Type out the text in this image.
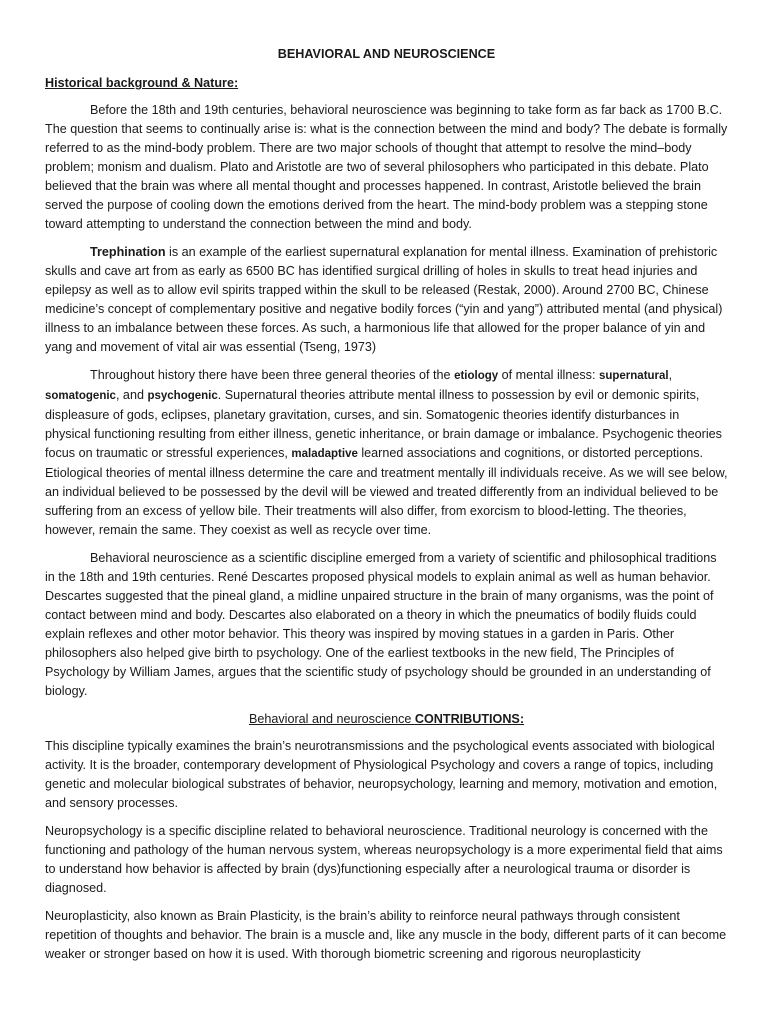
BEHAVIORAL AND NEUROSCIENCE
Historical background & Nature:

Before the 18th and 19th centuries, behavioral neuroscience was beginning to take form as far back as 1700 B.C. The question that seems to continually arise is: what is the connection between the mind and body? The debate is formally referred to as the mind-body problem. There are two major schools of thought that attempt to resolve the mind–body problem; monism and dualism. Plato and Aristotle are two of several philosophers who participated in this debate. Plato believed that the brain was where all mental thought and processes happened. In contrast, Aristotle believed the brain served the purpose of cooling down the emotions derived from the heart. The mind-body problem was a stepping stone toward attempting to understand the connection between the mind and body.

Trephination is an example of the earliest supernatural explanation for mental illness. Examination of prehistoric skulls and cave art from as early as 6500 BC has identified surgical drilling of holes in skulls to treat head injuries and epilepsy as well as to allow evil spirits trapped within the skull to be released (Restak, 2000). Around 2700 BC, Chinese medicine’s concept of complementary positive and negative bodily forces (“yin and yang”) attributed mental (and physical) illness to an imbalance between these forces. As such, a harmonious life that allowed for the proper balance of yin and yang and movement of vital air was essential (Tseng, 1973)

Throughout history there have been three general theories of the etiology of mental illness: supernatural, somatogenic, and psychogenic. Supernatural theories attribute mental illness to possession by evil or demonic spirits, displeasure of gods, eclipses, planetary gravitation, curses, and sin. Somatogenic theories identify disturbances in physical functioning resulting from either illness, genetic inheritance, or brain damage or imbalance. Psychogenic theories focus on traumatic or stressful experiences, maladaptive learned associations and cognitions, or distorted perceptions. Etiological theories of mental illness determine the care and treatment mentally ill individuals receive. As we will see below, an individual believed to be possessed by the devil will be viewed and treated differently from an individual believed to be suffering from an excess of yellow bile. Their treatments will also differ, from exorcism to blood-letting. The theories, however, remain the same. They coexist as well as recycle over time.

Behavioral neuroscience as a scientific discipline emerged from a variety of scientific and philosophical traditions in the 18th and 19th centuries. René Descartes proposed physical models to explain animal as well as human behavior. Descartes suggested that the pineal gland, a midline unpaired structure in the brain of many organisms, was the point of contact between mind and body. Descartes also elaborated on a theory in which the pneumatics of bodily fluids could explain reflexes and other motor behavior. This theory was inspired by moving statues in a garden in Paris. Other philosophers also helped give birth to psychology. One of the earliest textbooks in the new field, The Principles of Psychology by William James, argues that the scientific study of psychology should be grounded in an understanding of biology.

Behavioral and neuroscience CONTRIBUTIONS:

This discipline typically examines the brain’s neurotransmissions and the psychological events associated with biological activity. It is the broader, contemporary development of Physiological Psychology and covers a range of topics, including genetic and molecular biological substrates of behavior, neuropsychology, learning and memory, motivation and emotion, and sensory processes.

Neuropsychology is a specific discipline related to behavioral neuroscience. Traditional neurology is concerned with the functioning and pathology of the human nervous system, whereas neuropsychology is a more experimental field that aims to understand how behavior is affected by brain (dys)functioning especially after a neurological trauma or disorder is diagnosed.

Neuroplasticity, also known as Brain Plasticity, is the brain’s ability to reinforce neural pathways through consistent repetition of thoughts and behavior. The brain is a muscle and, like any muscle in the body, different parts of it can become weaker or stronger based on how it is used. With thorough biometric screening and rigorous neuroplasticity
